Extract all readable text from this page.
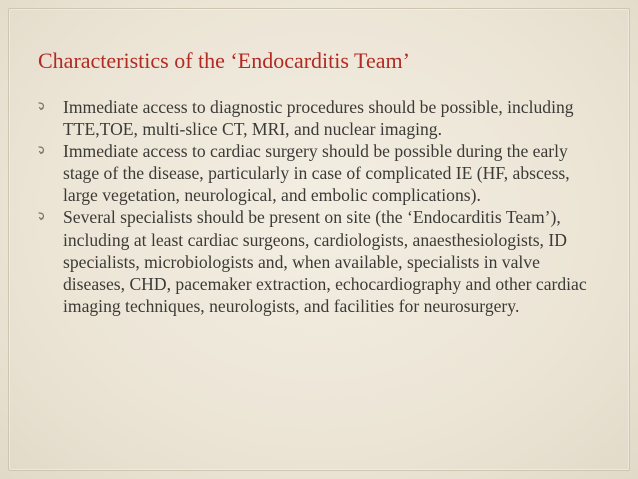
Characteristics of the ‘Endocarditis Team’
Immediate access to diagnostic procedures should be possible, including TTE,TOE, multi-slice CT, MRI, and nuclear imaging.
Immediate access to cardiac surgery should be possible during the early stage of the disease, particularly in case of complicated IE (HF, abscess, large vegetation, neurological, and embolic complications).
Several specialists should be present on site (the ‘Endocarditis Team’), including at least cardiac surgeons, cardiologists, anaesthesiologists, ID specialists, microbiologists and, when available, specialists in valve diseases, CHD, pacemaker extraction, echocardiography and other cardiac imaging techniques, neurologists, and facilities for neurosurgery.
